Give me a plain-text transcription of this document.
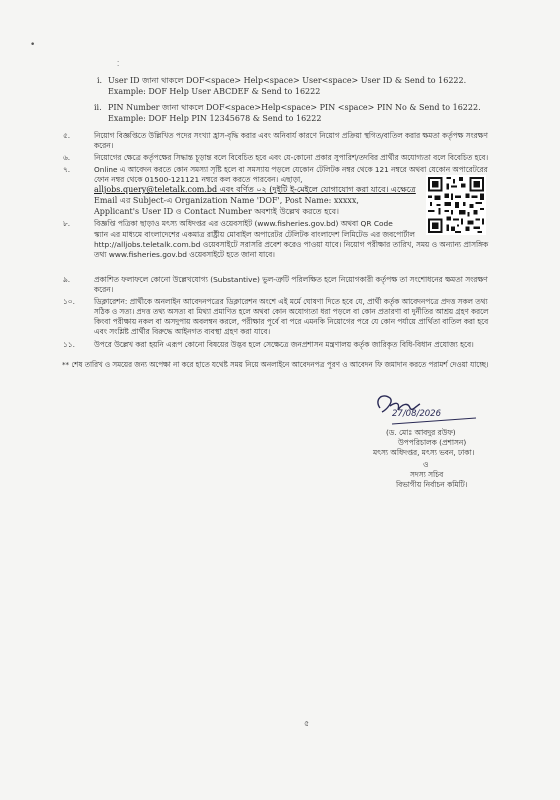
•
⁚
i. User ID জানা থাকলে DOF<space> Help<space> User<space> User ID & Send to 16222.
Example: DOF Help User ABCDEF & Send to 16222
ii. PIN Number জানা থাকলে DOF<space>Help<space> PIN <space> PIN No & Send to 16222.
Example: DOF Help PIN 12345678 & Send to 16222
৫.	নিয়োগ বিজ্ঞপ্তিতে উল্লিখিত পদের সংখ্যা হ্রাস-বৃদ্ধি করার এবং অনিবার্য কারণে নিয়োগ প্রক্রিয়া স্থগিত/বাতিল করার ক্ষমতা কর্তৃপক্ষ সংরক্ষণ
করেন।
৬.	নিয়োগের ক্ষেত্রে কর্তৃপক্ষের সিদ্ধান্ত চূড়ান্ত বলে বিবেচিত হবে এবং যে-কোনো প্রকার সুপারিশ/তদবির প্রার্থীর অযোগ্যতা বলে বিবেচিত হবে।
৭.	Online এ আবেদন করতে কোন সমস্যা সৃষ্টি হলে বা সমস্যায় পড়লে যেকোন টেলিটক নম্বর থেকে 121 নম্বরে অথবা যেকোন অপারেটরের
ফোন নম্বর থেকে 01500-121121 নম্বরে কল করতে পারবেন। এছাড়া,
alljobs.query@teletalk.com.bd এবং বর্ণিত ০২ (দুইটি ই-মেইলে যোগাযোগ করা যাবে। এক্ষেত্রে
Email এর Subject-এ Organization Name 'DOF', Post Name: xxxxx,
Applicant's User ID ও Contact Number অবশ্যই উল্লেখ করতে হবে।
৮.	বিজ্ঞপ্তি পত্রিকা ছাড়াও মৎস্য অধিদপ্তর এর ওয়েবসাইট (www.fisheries.gov.bd) অথবা QR Code
স্ক্যান এর মাধ্যমে বাংলাদেশের একমাত্র রাষ্ট্রীয় মোবাইল অপারেটর টেলিটক বাংলাদেশ লিমিটেড এর জবপোর্টাল
http://alljobs.teletalk.com.bd ওয়েবসাইটে সরাসরি প্রবেশ করেও পাওয়া যাবে। নিয়োগ পরীক্ষার তারিখ, সময় ও অন্যান্য প্রাসঙ্গিক
তথ্য www.fisheries.gov.bd ওয়েবসাইটে হতে জানা যাবে।
৯.	প্রকাশিত ফলাফলে কোনো উল্লেখযোগ্য (Substantive) ভুল-ত্রুটি পরিলক্ষিত হলে নিয়োগকারী কর্তৃপক্ষ তা সংশোধনের ক্ষমতা সংরক্ষণ
করেন।
১০.	ডিক্লারেশন: প্রার্থীকে অনলাইন আবেদনপত্রের ডিক্লারেশন অংশে এই মর্মে ঘোষণা দিতে হবে যে, প্রার্থী কর্তৃক আবেদনপত্রে প্রদত্ত সকল তথ্য
সঠিক ও সত্য। প্রদত্ত তথ্য অসত্য বা মিথ্যা প্রমাণিত হলে অথবা কোন অযোগ্যতা ধরা পড়লে বা কোন প্রতারণা বা দুর্নীতির আশ্রয় গ্রহণ করলে
কিংবা পরীক্ষায় নকল বা অসদুপায় অবলম্বন করলে, পরীক্ষার পূর্বে বা পরে এমনকি নিয়োগের পরে যে কোন পর্যায়ে প্রার্থিতা বাতিল করা হবে
এবং সংশ্লিষ্ট প্রার্থীর বিরুদ্ধে আইনগত ব্যবস্থা গ্রহণ করা যাবে।
১১.	উপরে উল্লেখ করা হয়নি এরূপ কোনো বিষয়ের উদ্ভব হলে সেক্ষেত্রে জনপ্রশাসন মন্ত্রণালয় কর্তৃক জারিকৃত বিধি-বিধান প্রযোজ্য হবে।
** শেষ তারিখ ও সময়ের জন্য অপেক্ষা না করে হাতে যথেষ্ট সময় নিয়ে অনলাইনে আবেদনপত্র পূরণ ও আবেদন ফি জমাদান করতে পরামর্শ দেওয়া যাচ্ছে।
27/08/2026
(ড. মোঃ আবদুর রউফ)
উপপরিচালক (প্রশাসন)
মৎস্য অধিদপ্তর, মৎস্য ভবন, ঢাকা।
ও
সদস্য সচিব
বিভাগীয় নির্বাচন কমিটি।
৫
